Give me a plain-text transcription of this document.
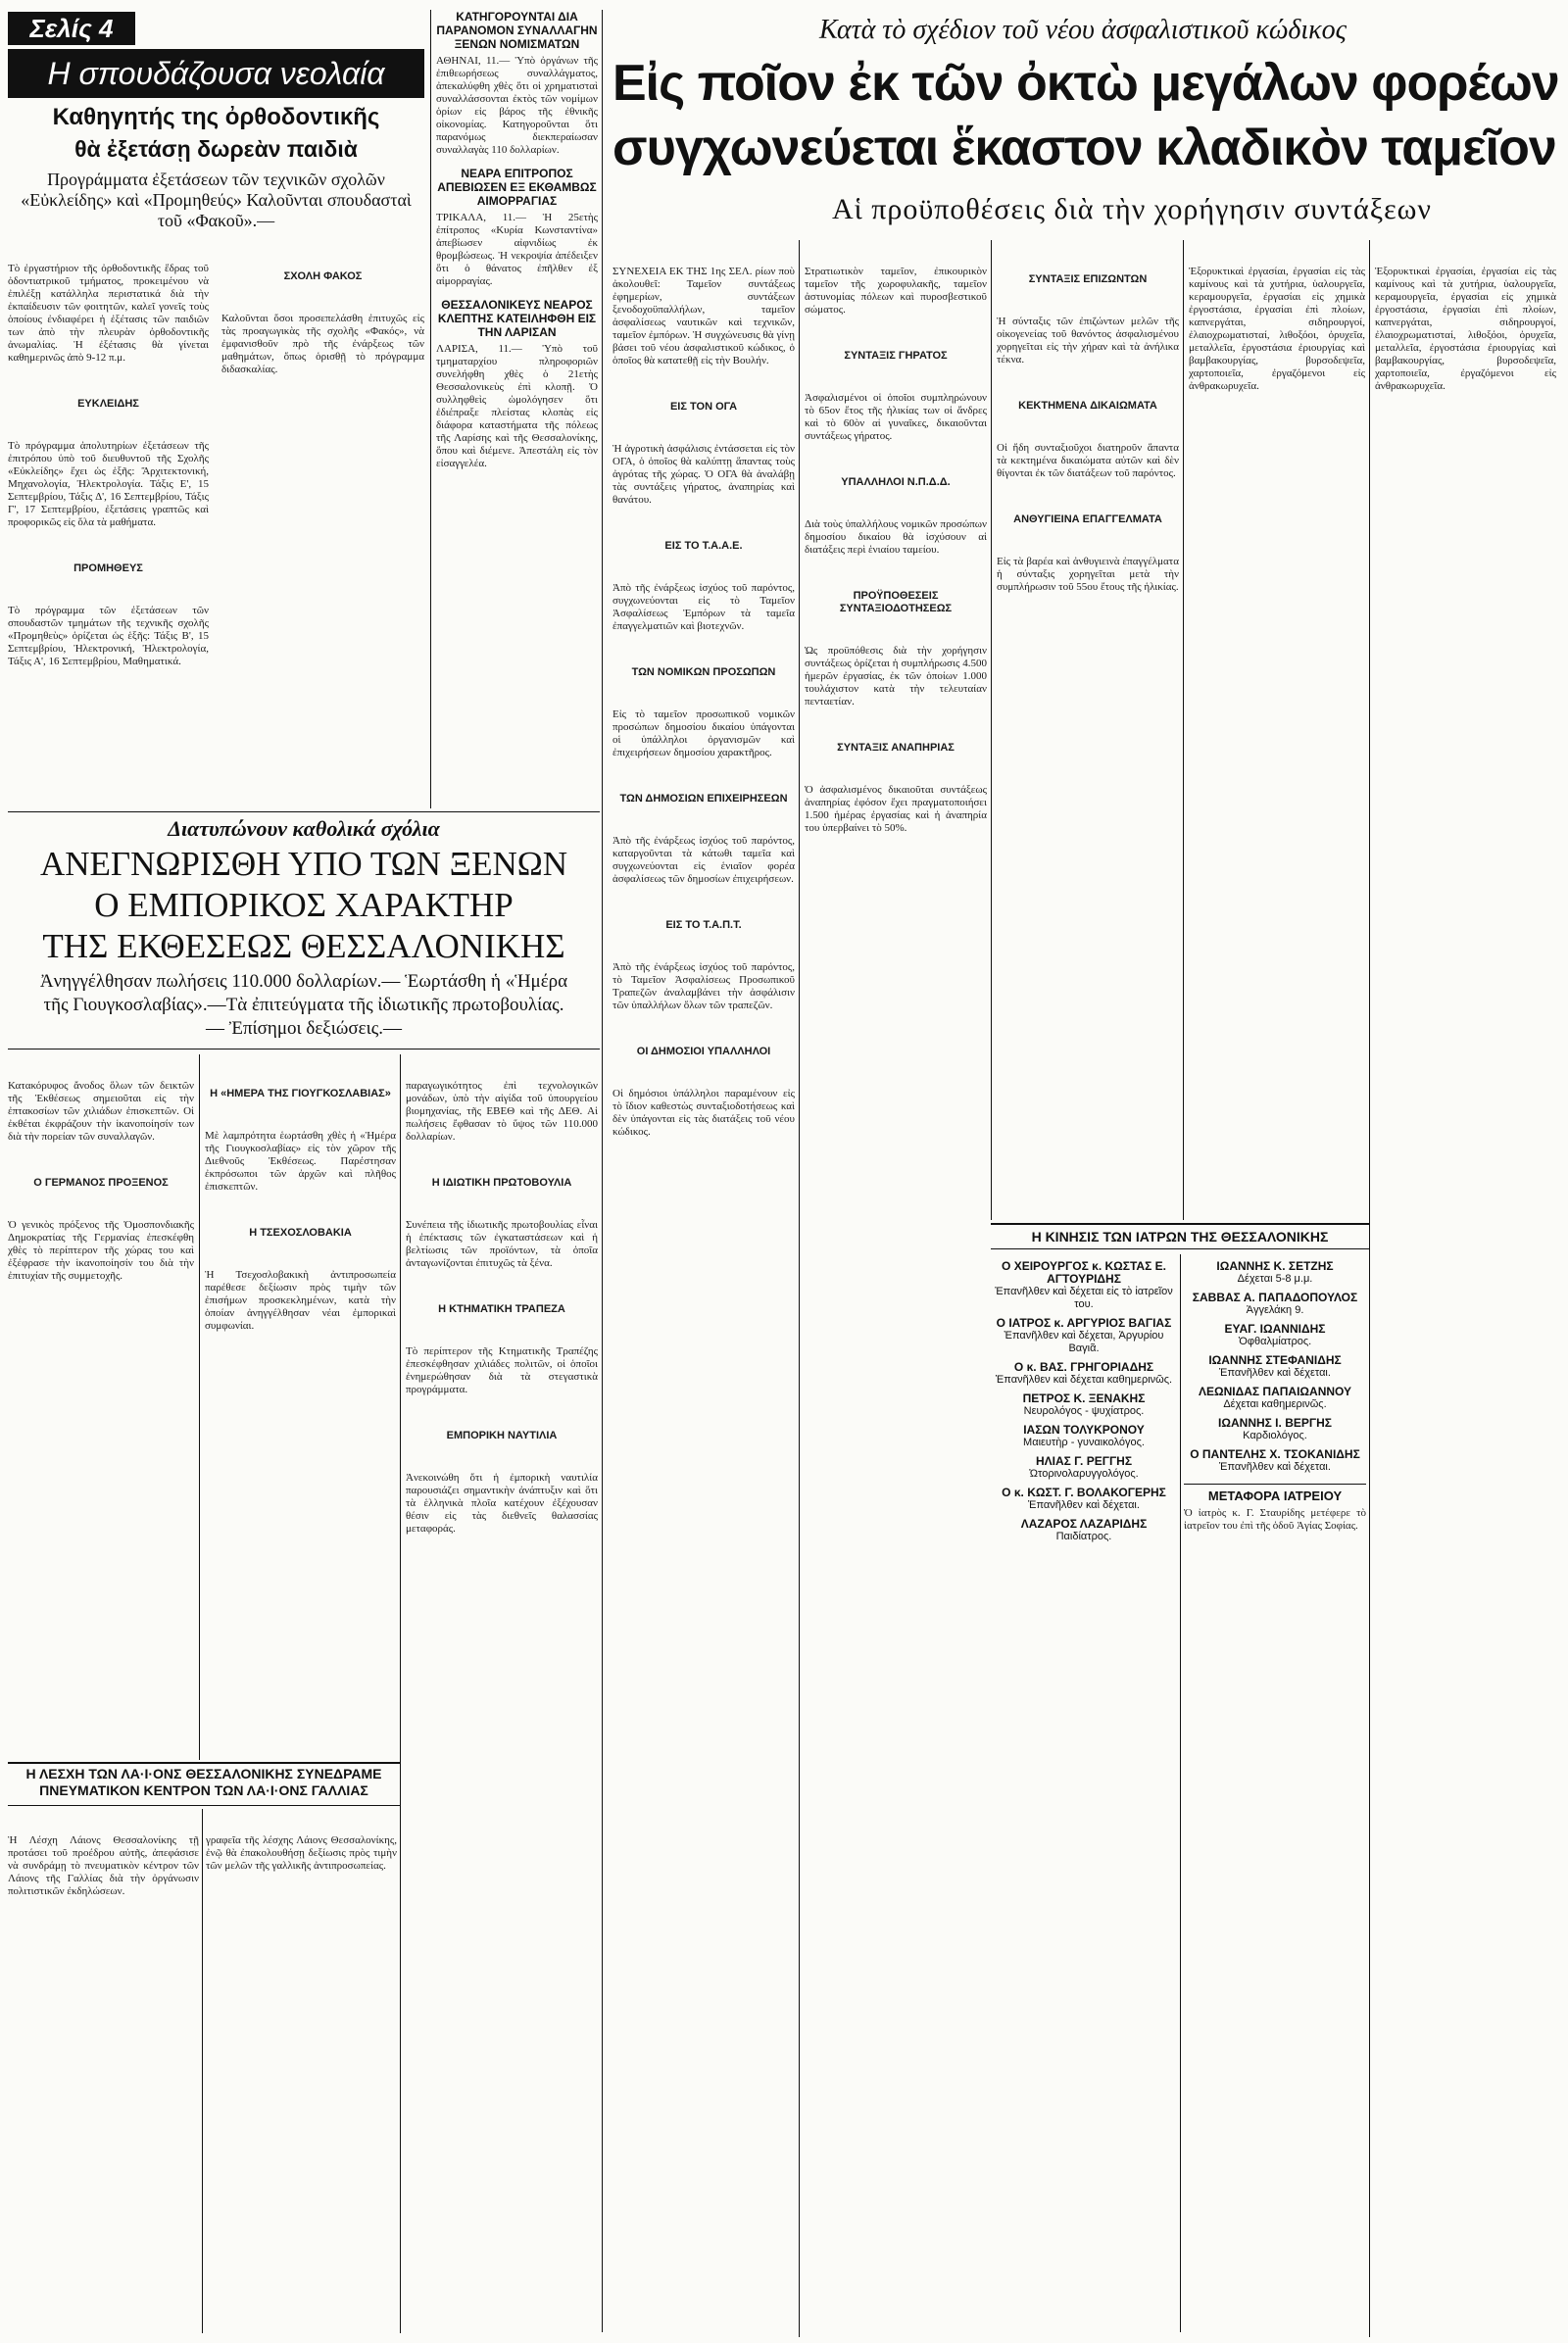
Σελίς 4
Η σπουδάζουσα νεολαία
Καθηγητής της ὀρθοδοντικῆς
θὰ ἐξετάσῃ δωρεὰν παιδιὰ
Προγράμματα ἐξετάσεων τῶν τεχνικῶν σχολῶν «Εὐκλείδης» καὶ «Προμηθεύς» Καλοῦνται σπουδασταὶ τοῦ «Φακοῦ».—

Τὸ ἐργαστήριον τῆς ὀρθοδοντικῆς ἕδρας τοῦ ὀδοντιατρικοῦ τμήματος, προκειμένου νὰ ἐπιλέξῃ κατάλληλα περιστατικά διὰ τὴν ἐκπαίδευσιν τῶν φοιτητῶν, καλεῖ γονεῖς τοὺς ὁποίους ἐνδιαφέρει ἡ ἐξέτασις τῶν παιδιῶν των ἀπὸ τὴν πλευρὰν ὀρθοδοντικῆς ἀνωμαλίας. Ἡ ἐξέτασις θὰ γίνεται καθημερινῶς ἀπὸ 9-12 π.μ.

ΕΥΚΛΕΙΔΗΣ

Τὸ πρόγραμμα ἀπολυτηρίων ἐξετάσεων τῆς ἐπιτρόπου ὑπὸ τοῦ διευθυντοῦ τῆς Σχολῆς «Εὐκλείδης» ἔχει ὡς ἑξῆς: Ἄρχιτεκτονική, Μηχανολογία, Ἠλεκτρολογία. Τάξις Ε', 15 Σεπτεμβρίου, Τάξις Δ', 16 Σεπτεμβρίου, Τάξις Γ', 17 Σεπτεμβρίου, ἐξετάσεις γραπτῶς καὶ προφορικῶς εἰς ὅλα τὰ μαθήματα.

ΠΡΟΜΗΘΕΥΣ

Τὸ πρόγραμμα τῶν ἐξετάσεων τῶν σπουδαστῶν τμημάτων τῆς τεχνικῆς σχολῆς «Προμηθεὺς» ὁρίζεται ὡς ἑξῆς: Τάξις Β', 15 Σεπτεμβρίου, Ἠλεκτρονική, Ἠλεκτρολογία, Τάξις Α', 16 Σεπτεμβρίου, Μαθηματικά.

ΣΧΟΛΗ ΦΑΚΟΣ

Καλοῦνται ὅσοι προσεπελάσθη ἐπιτυχῶς εἰς τὰς προαγωγικὰς τῆς σχολῆς «Φακός», νὰ ἐμφανισθοῦν πρὸ τῆς ἐνάρξεως τῶν μαθημάτων, ὅπως ὁρισθῇ τὸ πρόγραμμα διδασκαλίας.

ΚΑΤΗΓΟΡΟΥΝΤΑΙ ΔΙΑ ΠΑΡΑΝΟΜΟΝ ΣΥΝΑΛΛΑΓΗΝ ΞΕΝΩΝ ΝΟΜΙΣΜΑΤΩΝ
ΑΘΗΝΑΙ, 11.— Ὑπὸ ὀργάνων τῆς ἐπιθεωρήσεως συναλλάγματος, ἀπεκαλύφθη χθὲς ὅτι οἱ χρηματισταὶ συναλλάσσονται ἐκτὸς τῶν νομίμων ὁρίων εἰς βάρος τῆς ἐθνικῆς οἰκονομίας. Κατηγοροῦνται ὅτι παρανόμως διεκπεραίωσαν συναλλαγὰς 110 δολλαρίων.
ΝΕΑΡΑ ΕΠΙΤΡΟΠΟΣ ΑΠΕΒΙΩΣΕΝ ΕΞ ΕΚΘΑΜΒΩΣ ΑΙΜΟΡΡΑΓΙΑΣ
ΤΡΙΚΑΛΑ, 11.— Ἡ 25ετὴς ἐπίτροπος «Κυρία Κωνσταντίνα» ἀπεβίωσεν αἰφνιδίως ἐκ θρομβώσεως. Ἡ νεκροψία ἀπέδειξεν ὅτι ὁ θάνατος ἐπῆλθεν ἐξ αἰμορραγίας.
ΘΕΣΣΑΛΟΝΙΚΕΥΣ ΝΕΑΡΟΣ ΚΛΕΠΤΗΣ ΚΑΤΕΙΛΗΦΘΗ ΕΙΣ ΤΗΝ ΛΑΡΙΣΑΝ
ΛΑΡΙΣΑ, 11.— Ὑπὸ τοῦ τμηματαρχίου πληροφοριῶν συνελήφθη χθὲς ὁ 21ετὴς Θεσσαλονικεὺς ἐπὶ κλοπῇ. Ὁ συλληφθεὶς ὡμολόγησεν ὅτι ἐδιέπραξε πλείστας κλοπὰς εἰς διάφορα καταστήματα τῆς πόλεως τῆς Λαρίσης καὶ τῆς Θεσσαλονίκης, ὅπου καὶ διέμενε. Ἀπεστάλη εἰς τὸν εἰσαγγελέα.
Κατὰ τὸ σχέδιον τοῦ νέου ἀσφαλιστικοῦ κώδικος
Εἰς ποῖον ἐκ τῶν ὀκτὼ μεγάλων φορέων
συγχωνεύεται ἕκαστον κλαδικὸν ταμεῖον
Αἱ προϋποθέσεις διὰ τὴν χορήγησιν συντάξεων

ΣΥΝΕΧΕΙΑ ΕΚ ΤΗΣ 1ης ΣΕΛ. ρίων ποὺ ἀκολουθεῖ: Ταμεῖον συντάξεως ἐφημερίων, συντάξεων ξενοδοχοϋπαλλήλων, ταμεῖον ἀσφαλίσεως ναυτικῶν καὶ τεχνικῶν, ταμεῖον ἐμπόρων. Ἡ συγχώνευσις θὰ γίνῃ βάσει τοῦ νέου ἀσφαλιστικοῦ κώδικος, ὁ ὁποῖος θὰ κατατεθῇ εἰς τὴν Βουλήν.

ΕΙΣ ΤΟΝ ΟΓΑ

Ἡ ἀγροτικὴ ἀσφάλισις ἐντάσσεται εἰς τὸν ΟΓΑ, ὁ ὁποῖος θὰ καλύπτῃ ἅπαντας τοὺς ἀγρότας τῆς χώρας. Ὁ ΟΓΑ θὰ ἀναλάβῃ τὰς συντάξεις γήρατος, ἀναπηρίας καὶ θανάτου.

ΕΙΣ ΤΟ Τ.Α.Α.Ε.

Ἀπὸ τῆς ἐνάρξεως ἰσχύος τοῦ παρόντος, συγχωνεύονται εἰς τὸ Ταμεῖον Ἀσφαλίσεως Ἐμπόρων τὰ ταμεῖα ἐπαγγελματιῶν καὶ βιοτεχνῶν.

ΤΩΝ ΝΟΜΙΚΩΝ ΠΡΟΣΩΠΩΝ

Εἰς τὸ ταμεῖον προσωπικοῦ νομικῶν προσώπων δημοσίου δικαίου ὑπάγονται οἱ ὑπάλληλοι ὀργανισμῶν καὶ ἐπιχειρήσεων δημοσίου χαρακτῆρος.

ΤΩΝ ΔΗΜΟΣΙΩΝ ΕΠΙΧΕΙΡΗΣΕΩΝ

Ἀπὸ τῆς ἐνάρξεως ἰσχύος τοῦ παρόντος, καταργοῦνται τὰ κάτωθι ταμεῖα καὶ συγχωνεύονται εἰς ἑνιαῖον φορέα ἀσφαλίσεως τῶν δημοσίων ἐπιχειρήσεων.

ΕΙΣ ΤΟ Τ.Α.Π.Τ.

Ἀπὸ τῆς ἐνάρξεως ἰσχύος τοῦ παρόντος, τὸ Ταμεῖον Ἀσφαλίσεως Προσωπικοῦ Τραπεζῶν ἀναλαμβάνει τὴν ἀσφάλισιν τῶν ὑπαλλήλων ὅλων τῶν τραπεζῶν.

ΟΙ ΔΗΜΟΣΙΟΙ ΥΠΑΛΛΗΛΟΙ

Οἱ δημόσιοι ὑπάλληλοι παραμένουν εἰς τὸ ἴδιον καθεστὼς συνταξιοδοτήσεως καὶ δὲν ὑπάγονται εἰς τὰς διατάξεις τοῦ νέου κώδικος.

Στρατιωτικὸν ταμεῖον, ἐπικουρικὸν ταμεῖον τῆς χωροφυλακῆς, ταμεῖον ἀστυνομίας πόλεων καὶ πυροσβεστικοῦ σώματος.

ΣΥΝΤΑΞΙΣ ΓΗΡΑΤΟΣ

Ἀσφαλισμένοι οἱ ὁποῖοι συμπληρώνουν τὸ 65ον ἔτος τῆς ἡλικίας των οἱ ἄνδρες καὶ τὸ 60ὸν αἱ γυναῖκες, δικαιοῦνται συντάξεως γήρατος.

ΥΠΑΛΛΗΛΟΙ Ν.Π.Δ.Δ.

Διὰ τοὺς ὑπαλλήλους νομικῶν προσώπων δημοσίου δικαίου θὰ ἰσχύσουν αἱ διατάξεις περὶ ἑνιαίου ταμείου.

ΠΡΟΫΠΟΘΕΣΕΙΣ ΣΥΝΤΑΞΙΟΔΟΤΗΣΕΩΣ

Ὡς προϋπόθεσις διὰ τὴν χορήγησιν συντάξεως ὁρίζεται ἡ συμπλήρωσις 4.500 ἡμερῶν ἐργασίας, ἐκ τῶν ὁποίων 1.000 τουλάχιστον κατὰ τὴν τελευταίαν πενταετίαν.

ΣΥΝΤΑΞΙΣ ΑΝΑΠΗΡΙΑΣ

Ὁ ἀσφαλισμένος δικαιοῦται συντάξεως ἀναπηρίας ἐφόσον ἔχει πραγματοποιήσει 1.500 ἡμέρας ἐργασίας καὶ ἡ ἀναπηρία του ὑπερβαίνει τὸ 50%.

ΣΥΝΤΑΞΙΣ ΕΠΙΖΩΝΤΩΝ

Ἡ σύνταξις τῶν ἐπιζώντων μελῶν τῆς οἰκογενείας τοῦ θανόντος ἀσφαλισμένου χορηγεῖται εἰς τὴν χήραν καὶ τὰ ἀνήλικα τέκνα.

ΚΕΚΤΗΜΕΝΑ ΔΙΚΑΙΩΜΑΤΑ

Οἱ ἤδη συνταξιοῦχοι διατηροῦν ἅπαντα τὰ κεκτημένα δικαιώματα αὐτῶν καὶ δὲν θίγονται ἐκ τῶν διατάξεων τοῦ παρόντος.

ΑΝΘΥΓΙΕΙΝΑ ΕΠΑΓΓΕΛΜΑΤΑ

Εἰς τὰ βαρέα καὶ ἀνθυγιεινὰ ἐπαγγέλματα ἡ σύνταξις χορηγεῖται μετὰ τὴν συμπλήρωσιν τοῦ 55ου ἔτους τῆς ἡλικίας.

Ἐξορυκτικαὶ ἐργασίαι, ἐργασίαι εἰς τὰς καμίνους καὶ τὰ χυτήρια, ὑαλουργεῖα, κεραμουργεῖα, ἐργασίαι εἰς χημικὰ ἐργοστάσια, ἐργασίαι ἐπὶ πλοίων, καπνεργάται, σιδηρουργοί, ἐλαιοχρωματισταί, λιθοξόοι, ὀρυχεῖα, μεταλλεῖα, ἐργοστάσια ἐριουργίας καὶ βαμβακουργίας, βυρσοδεψεῖα, χαρτοποιεῖα, ἐργαζόμενοι εἰς ἀνθρακωρυχεῖα.

Ἐξορυκτικαὶ ἐργασίαι, ἐργασίαι εἰς τὰς καμίνους καὶ τὰ χυτήρια, ὑαλουργεῖα, κεραμουργεῖα, ἐργασίαι εἰς χημικὰ ἐργοστάσια, ἐργασίαι ἐπὶ πλοίων, καπνεργάται, σιδηρουργοί, ἐλαιοχρωματισταί, λιθοξόοι, ὀρυχεῖα, μεταλλεῖα, ἐργοστάσια ἐριουργίας καὶ βαμβακουργίας, βυρσοδεψεῖα, χαρτοποιεῖα, ἐργαζόμενοι εἰς ἀνθρακωρυχεῖα.

Η ΚΙΝΗΣΙΣ ΤΩΝ ΙΑΤΡΩΝ ΤΗΣ ΘΕΣΣΑΛΟΝΙΚΗΣ
Ο ΧΕΙΡΟΥΡΓΟΣ κ. ΚΩΣΤΑΣ Ε. ΑΓΤΟΥΡΙΔΗΣ
Ἐπανῆλθεν καὶ δέχεται εἰς τὸ ἰατρεῖον του.
Ο ΙΑΤΡΟΣ κ. ΑΡΓΥΡΙΟΣ ΒΑΓΙΑΣ
Ἐπανῆλθεν καὶ δέχεται, Ἀργυρίου Βαγιᾶ.
Ο κ. ΒΑΣ. ΓΡΗΓΟΡΙΑΔΗΣ
Ἐπανῆλθεν καὶ δέχεται καθημερινῶς.
ΠΕΤΡΟΣ Κ. ΞΕΝΑΚΗΣ
Νευρολόγος - ψυχίατρος.
ΙΑΣΩΝ ΤΟΛΥΚΡΟΝΟΥ
Μαιευτὴρ - γυναικολόγος.
ΗΛΙΑΣ Γ. ΡΕΓΓΗΣ
Ὠτορινολαρυγγολόγος.
Ο κ. ΚΩΣΤ. Γ. ΒΟΛΑΚΟΓΕΡΗΣ
Ἐπανῆλθεν καὶ δέχεται.
ΛΑΖΑΡΟΣ ΛΑΖΑΡΙΔΗΣ
Παιδίατρος.
ΙΩΑΝΝΗΣ Κ. ΣΕΤΖΗΣ
Δέχεται 5-8 μ.μ.
ΣΑΒΒΑΣ Α. ΠΑΠΑΔΟΠΟΥΛΟΣ
Ἀγγελάκη 9.
ΕΥΑΓ. ΙΩΑΝΝΙΔΗΣ
Ὀφθαλμίατρος.
ΙΩΑΝΝΗΣ ΣΤΕΦΑΝΙΔΗΣ
Ἐπανῆλθεν καὶ δέχεται.
ΛΕΩΝΙΔΑΣ ΠΑΠΑΙΩΑΝΝΟΥ
Δέχεται καθημερινῶς.
ΙΩΑΝΝΗΣ Ι. ΒΕΡΓΗΣ
Καρδιολόγος.
Ο ΠΑΝΤΕΛΗΣ Χ. ΤΣΟΚΑΝΙΔΗΣ
Ἐπανῆλθεν καὶ δέχεται.
ΜΕΤΑΦΟΡΑ ΙΑΤΡΕΙΟΥ
Ὁ ἰατρὸς κ. Γ. Σταυρίδης μετέφερε τὸ ἰατρεῖον του ἐπὶ τῆς ὁδοῦ Ἁγίας Σοφίας.
Διατυπώνουν καθολικά σχόλια
ΑΝΕΓΝΩΡΙΣΘΗ ΥΠΟ ΤΩΝ ΞΕΝΩΝ
Ο ΕΜΠΟΡΙΚΟΣ ΧΑΡΑΚΤΗΡ
ΤΗΣ ΕΚΘΕΣΕΩΣ ΘΕΣΣΑΛΟΝΙΚΗΣ
Ἀνηγγέλθησαν πωλήσεις 110.000 δολλαρίων.— Ἑωρτάσθη ἡ «Ἡμέρα τῆς Γιουγκοσλαβίας».—Τὰ ἐπιτεύγματα τῆς ἰδιωτικῆς πρωτοβουλίας.— Ἐπίσημοι δεξιώσεις.—

Κατακόρυφος ἄνοδος ὅλων τῶν δεικτῶν τῆς Ἐκθέσεως σημειοῦται εἰς τὴν ἐπτακοσίων τῶν χιλιάδων ἐπισκεπτῶν. Οἱ ἐκθέται ἐκφράζουν τὴν ἱκανοποίησίν των διὰ τὴν πορείαν τῶν συναλλαγῶν.

Ο ΓΕΡΜΑΝΟΣ ΠΡΟΞΕΝΟΣ

Ὁ γενικὸς πρόξενος τῆς Ὁμοσπονδιακῆς Δημοκρατίας τῆς Γερμανίας ἐπεσκέφθη χθὲς τὸ περίπτερον τῆς χώρας του καὶ ἐξέφρασε τὴν ἱκανοποίησίν του διὰ τὴν ἐπιτυχίαν τῆς συμμετοχῆς.

Η «ΗΜΕΡΑ ΤΗΣ ΓΙΟΥΓΚΟΣΛΑΒΙΑΣ»

Μὲ λαμπρότητα ἑωρτάσθη χθὲς ἡ «Ἡμέρα τῆς Γιουγκοσλαβίας» εἰς τὸν χῶρον τῆς Διεθνοῦς Ἐκθέσεως. Παρέστησαν ἐκπρόσωποι τῶν ἀρχῶν καὶ πλῆθος ἐπισκεπτῶν.

Η ΤΣΕΧΟΣΛΟΒΑΚΙΑ

Ἡ Τσεχοσλοβακικὴ ἀντιπροσωπεία παρέθεσε δεξίωσιν πρὸς τιμὴν τῶν ἐπισήμων προσκεκλημένων, κατὰ τὴν ὁποίαν ἀνηγγέλθησαν νέαι ἐμπορικαὶ συμφωνίαι.

παραγωγικότητος ἐπὶ τεχνολογικῶν μονάδων, ὑπὸ τὴν αἰγίδα τοῦ ὑπουργείου βιομηχανίας, τῆς ΕΒΕΘ καὶ τῆς ΔΕΘ. Αἱ πωλήσεις ἔφθασαν τὸ ὕψος τῶν 110.000 δολλαρίων.

Η ΙΔΙΩΤΙΚΗ ΠΡΩΤΟΒΟΥΛΙΑ

Συνέπεια τῆς ἰδιωτικῆς πρωτοβουλίας εἶναι ἡ ἐπέκτασις τῶν ἐγκαταστάσεων καὶ ἡ βελτίωσις τῶν προϊόντων, τὰ ὁποῖα ἀνταγωνίζονται ἐπιτυχῶς τὰ ξένα.

Η ΚΤΗΜΑΤΙΚΗ ΤΡΑΠΕΖΑ

Τὸ περίπτερον τῆς Κτηματικῆς Τραπέζης ἐπεσκέφθησαν χιλιάδες πολιτῶν, οἱ ὁποῖοι ἐνημερώθησαν διὰ τὰ στεγαστικὰ προγράμματα.

ΕΜΠΟΡΙΚΗ ΝΑΥΤΙΛΙΑ

Ἀνεκοινώθη ὅτι ἡ ἐμπορικὴ ναυτιλία παρουσιάζει σημαντικὴν ἀνάπτυξιν καὶ ὅτι τὰ ἑλληνικὰ πλοῖα κατέχουν ἐξέχουσαν θέσιν εἰς τὰς διεθνεῖς θαλασσίας μεταφοράς.

Η ΛΕΣΧΗ ΤΩΝ ΛΑ·Ι·ΟΝΣ ΘΕΣΣΑΛΟΝΙΚΗΣ ΣΥΝΕΔΡΑΜΕ ΠΝΕΥΜΑΤΙΚΟΝ ΚΕΝΤΡΟΝ ΤΩΝ ΛΑ·Ι·ΟΝΣ ΓΑΛΛΙΑΣ

Ἡ Λέσχη Λάιονς Θεσσαλονίκης τῇ προτάσει τοῦ προέδρου αὐτῆς, ἀπεφάσισε νὰ συνδράμῃ τὸ πνευματικὸν κέντρον τῶν Λάιονς τῆς Γαλλίας διὰ τὴν ὀργάνωσιν πολιτιστικῶν ἐκδηλώσεων.

γραφεῖα τῆς λέσχης Λάιονς Θεσσαλονίκης, ἐνῷ θὰ ἐπακολουθήσῃ δεξίωσις πρὸς τιμὴν τῶν μελῶν τῆς γαλλικῆς ἀντιπροσωπείας.
